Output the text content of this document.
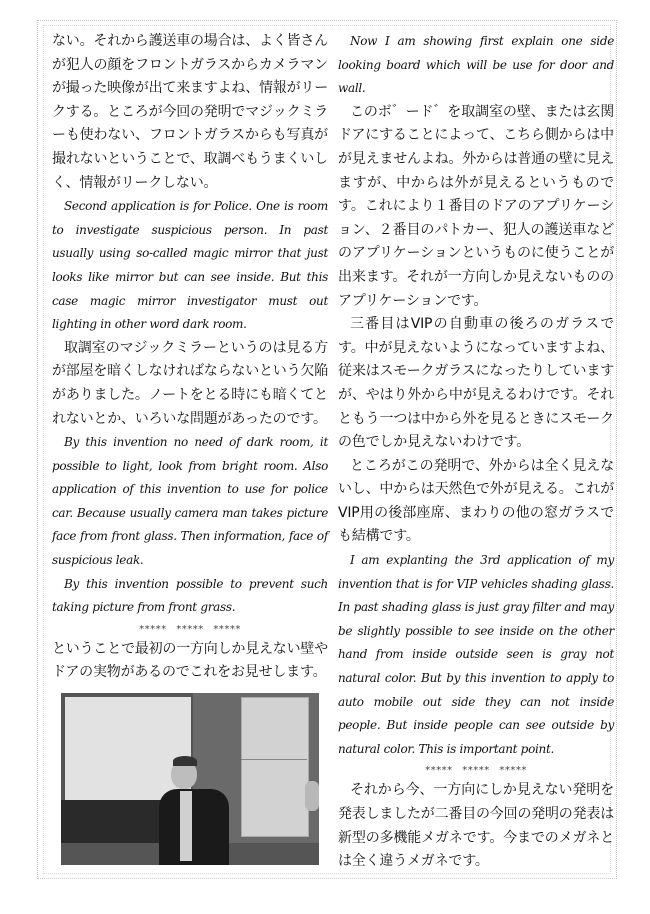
ない。それから護送車の場合は、よく皆さんが犯人の顔をフロントガラスからカメラマンが撮った映像が出て来ますよね、情報がリークする。ところが今回の発明でマジックミラーも使わない、フロントガラスからも写真が撮れないということで、取調べもうまくいしく、情報がリークしない。

Second application is for Police. One is room to investigate suspicious person. In past usually using so-called magic mirror that just looks like mirror but can see inside. But this case magic mirror investigator must out lighting in other word dark room.

取調室のマジックミラーというのは見る方が部屋を暗くしなければならないという欠陥がありました。ノートをとる時にも暗くてとれないとか、いろいな問題があったのです。

By this invention no need of dark room, it possible to light, look from bright room. Also application of this invention to use for police car. Because usually camera man takes picture face from front glass. Then information, face of suspicious leak.

By this invention possible to prevent such taking picture from front grass.

***** ***** *****

ということで最初の一方向しか見えない壁やドアの実物があるのでこれをお見せします。

Now I am showing first explain one side looking board which will be use for door and wall.

このボ゛ード゛を取調室の壁、または玄関ドアにすることによって、こちら側からは中が見えませんよね。外からは普通の壁に見えますが、中からは外が見えるというものです。これにより１番目のドアのアプリケーション、２番目のパトカー、犯人の護送車などのアプリケーションというものに使うことが出来ます。それが一方向しか見えないもののアプリケーションです。

三番目はVIPの自動車の後ろのガラスです。中が見えないようになっていますよね、従来はスモークガラスになったりしていますが、やはり外から中が見えるわけです。それともう一つは中から外を見るときにスモークの色でしか見えないわけです。

ところがこの発明で、外からは全く見えないし、中からは天然色で外が見える。これがVIP用の後部座席、まわりの他の窓ガラスでも結構です。

I am explanting the 3rd application of my invention that is for VIP vehicles shading glass. In past shading glass is just gray filter and may be slightly possible to see inside on the other hand from inside outside seen is gray not natural color. But by this invention to apply to auto mobile out side they can not inside people. But inside people can see outside by natural color. This is important point.

***** ***** *****

それから今、一方向にしか見えない発明を発表しましたが二番目の今回の発明の発表は新型の多機能メガネです。今までのメガネとは全く違うメガネです。
